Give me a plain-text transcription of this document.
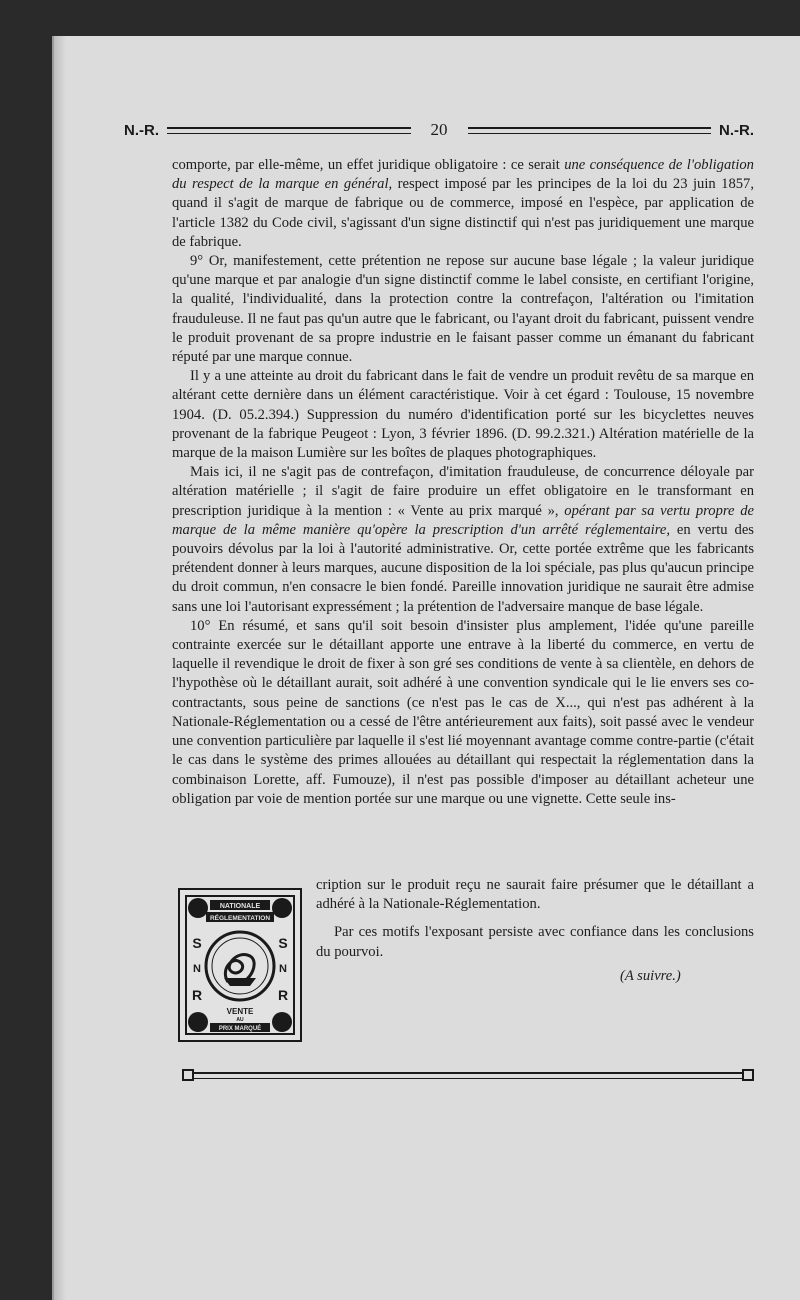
N.-R.	20	N.-R.

comporte, par elle-même, un effet juridique obligatoire : ce serait une conséquence de l'obligation du respect de la marque en général, respect imposé par les principes de la loi du 23 juin 1857, quand il s'agit de marque de fabrique ou de commerce, imposé en l'espèce, par application de l'article 1382 du Code civil, s'agissant d'un signe distinctif qui n'est pas juridiquement une marque de fabrique.

9° Or, manifestement, cette prétention ne repose sur aucune base légale ; la valeur juridique qu'une marque et par analogie d'un signe distinctif comme le label consiste, en certifiant l'origine, la qualité, l'individualité, dans la protection contre la contrefaçon, l'altération ou l'imitation frauduleuse. Il ne faut pas qu'un autre que le fabricant, ou l'ayant droit du fabricant, puissent vendre le produit provenant de sa propre industrie en le faisant passer comme un émanant du fabricant réputé par une marque connue.

Il y a une atteinte au droit du fabricant dans le fait de vendre un produit revêtu de sa marque en altérant cette dernière dans un élément caractéristique. Voir à cet égard : Toulouse, 15 novembre 1904. (D. 05.2.394.) Suppression du numéro d'identification porté sur les bicyclettes neuves provenant de la fabrique Peugeot : Lyon, 3 février 1896. (D. 99.2.321.) Altération matérielle de la marque de la maison Lumière sur les boîtes de plaques photographiques.

Mais ici, il ne s'agit pas de contrefaçon, d'imitation frauduleuse, de concurrence déloyale par altération matérielle ; il s'agit de faire produire un effet obligatoire en le transformant en prescription juridique à la mention : « Vente au prix marqué », opérant par sa vertu propre de marque de la même manière qu'opère la prescription d'un arrêté réglementaire, en vertu des pouvoirs dévolus par la loi à l'autorité administrative. Or, cette portée extrême que les fabricants prétendent donner à leurs marques, aucune disposition de la loi spéciale, pas plus qu'aucun principe du droit commun, n'en consacre le bien fondé. Pareille innovation juridique ne saurait être admise sans une loi l'autorisant expressément ; la prétention de l'adversaire manque de base légale.

10° En résumé, et sans qu'il soit besoin d'insister plus amplement, l'idée qu'une pareille contrainte exercée sur le détaillant apporte une entrave à la liberté du commerce, en vertu de laquelle il revendique le droit de fixer à son gré ses conditions de vente à sa clientèle, en dehors de l'hypothèse où le détaillant aurait, soit adhéré à une convention syndicale qui le lie envers ses co-contractants, sous peine de sanctions (ce n'est pas le cas de X..., qui n'est pas adhérent à la Nationale-Réglementation ou a cessé de l'être antérieurement aux faits), soit passé avec le vendeur une convention particulière par laquelle il s'est lié moyennant avantage comme contre-partie (c'était le cas dans le système des primes allouées au détaillant qui respectait la réglementation dans la combinaison Lorette, aff. Fumouze), il n'est pas possible d'imposer au détaillant acheteur une obligation par voie de mention portée sur une marque ou une vignette. Cette seule ins-

NATIONALE
RÉGLEMENTATION
S	S
N	N
R	R
VENTE
AU
PRIX MARQUÉ

cription sur le produit reçu ne saurait faire présumer que le détaillant a adhéré à la Nationale-Réglementation.

Par ces motifs l'exposant persiste avec confiance dans les conclusions du pourvoi.

(A suivre.)
